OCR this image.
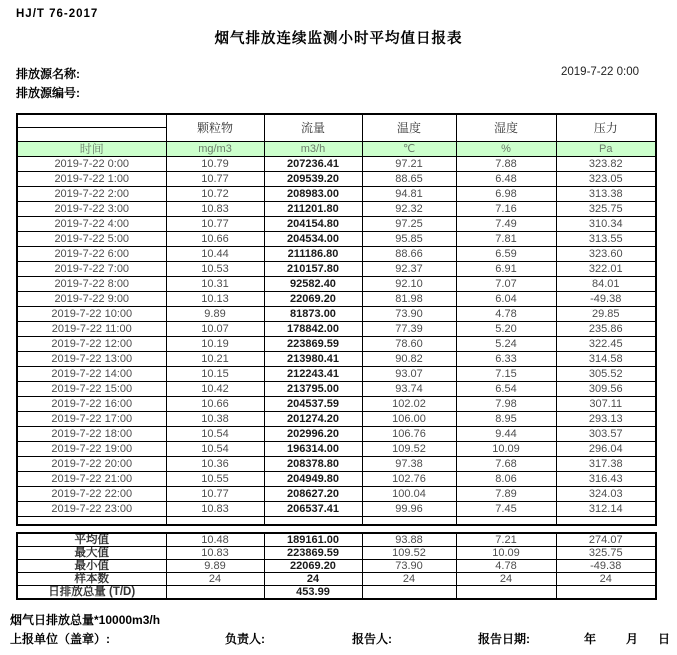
HJ/T 76-2017
烟气排放连续监测小时平均值日报表
排放源名称:
排放源编号:
2019-7-22 0:00
	颗粒物	流量	温度	湿度	压力

时间	mg/m3	m3/h	℃	%	Pa
2019-7-22 0:00	10.79	207236.41	97.21	7.88	323.82
2019-7-22 1:00	10.77	209539.20	88.65	6.48	323.05
2019-7-22 2:00	10.72	208983.00	94.81	6.98	313.38
2019-7-22 3:00	10.83	211201.80	92.32	7.16	325.75
2019-7-22 4:00	10.77	204154.80	97.25	7.49	310.34
2019-7-22 5:00	10.66	204534.00	95.85	7.81	313.55
2019-7-22 6:00	10.44	211186.80	88.66	6.59	323.60
2019-7-22 7:00	10.53	210157.80	92.37	6.91	322.01
2019-7-22 8:00	10.31	92582.40	92.10	7.07	84.01
2019-7-22 9:00	10.13	22069.20	81.98	6.04	-49.38
2019-7-22 10:00	9.89	81873.00	73.90	4.78	29.85
2019-7-22 11:00	10.07	178842.00	77.39	5.20	235.86
2019-7-22 12:00	10.19	223869.59	78.60	5.24	322.45
2019-7-22 13:00	10.21	213980.41	90.82	6.33	314.58
2019-7-22 14:00	10.15	212243.41	93.07	7.15	305.52
2019-7-22 15:00	10.42	213795.00	93.74	6.54	309.56
2019-7-22 16:00	10.66	204537.59	102.02	7.98	307.11
2019-7-22 17:00	10.38	201274.20	106.00	8.95	293.13
2019-7-22 18:00	10.54	202996.20	106.76	9.44	303.57
2019-7-22 19:00	10.54	196314.00	109.52	10.09	296.04
2019-7-22 20:00	10.36	208378.80	97.38	7.68	317.38
2019-7-22 21:00	10.55	204949.80	102.76	8.06	316.43
2019-7-22 22:00	10.77	208627.20	100.04	7.89	324.03
2019-7-22 23:00	10.83	206537.41	99.96	7.45	312.14

平均值	10.48	189161.00	93.88	7.21	274.07
最大值	10.83	223869.59	109.52	10.09	325.75
最小值	9.89	22069.20	73.90	4.78	-49.38
样本数	24	24	24	24	24
日排放总量 (T/D)		453.99			
烟气日排放总量*10000m3/h
上报单位（盖章）:	负责人:	报告人:	报告日期:	年 月 日
